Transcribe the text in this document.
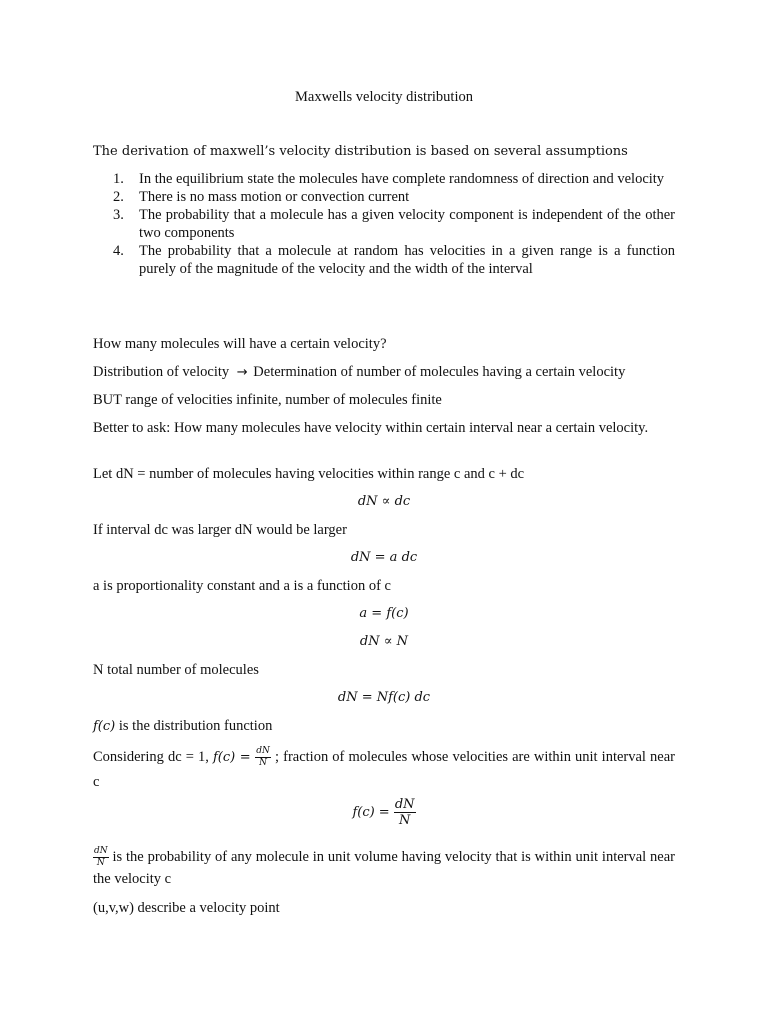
Maxwells velocity distribution
The derivation of maxwell’s velocity distribution is based on several assumptions
1. In the equilibrium state the molecules have complete randomness of direction and velocity
2. There is no mass motion or convection current
3. The probability that a molecule has a given velocity component is independent of the other two components
4. The probability that a molecule at random has velocities in a given range is a function purely of the magnitude of the velocity and the width of the interval
How many molecules will have a certain velocity?
Distribution of velocity → Determination of number of molecules having a certain velocity
BUT range of velocities infinite, number of molecules finite
Better to ask: How many molecules have velocity within certain interval near a certain velocity.
Let dN = number of molecules having velocities within range c and c + dc
dN ∝ dc
If interval dc was larger dN would be larger
dN = a dc
a is proportionality constant and a is a function of c
a = f(c)
dN ∝ N
N total number of molecules
dN = Nf(c) dc
f(c) is the distribution function
Considering dc = 1, $f(c) = \frac{dN}{N}$ ; fraction of molecules whose velocities are within unit interval near c
$f(c) = \frac{dN}{N}$
$\frac{dN}{N}$ is the probability of any molecule in unit volume having velocity that is within unit interval near the velocity c
(u,v,w) describe a velocity point
